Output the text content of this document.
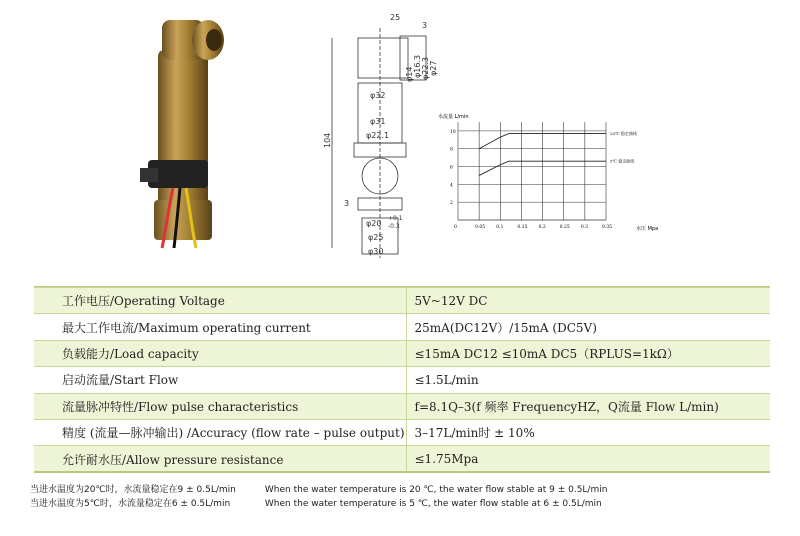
25
3
φ14 φ16.3 φ22.3 φ27
φ32
104
φ31
φ22.1
3
φ20
+0.1
-0.3
φ25
φ30
水流量 L/min
水压 Mpa
0	0.05 0.1	0.15 0.2	0.25 0.3	0.35
2
4
6
8
10	20℃ 稳定曲线
5℃ 稳定曲线
工作电压/Operating Voltage	5V~12V DC
最大工作电流/Maximum operating current	25mA(DC12V）/15mA (DC5V)
负载能力/Load capacity	≤15mA DC12 ≤10mA DC5（RPLUS=1kΩ）
启动流量/Start Flow	≤1.5L/min
流量脉冲特性/Flow pulse characteristics	f=8.1Q–3(f 频率 FrequencyHZ，Q流量 Flow L/min)
精度 (流量—脉冲输出) /Accuracy (flow rate – pulse output)	3–17L/min时 ± 10%
允许耐水压/Allow pressure resistance	≤1.75Mpa
当进水温度为20℃时，水流量稳定在9 ± 0.5L/min	When the water temperature is 20 ℃, the water flow stable at 9 ± 0.5L/min
当进水温度为5℃时，水流量稳定在6 ± 0.5L/min	When the water temperature is 5 ℃, the water flow stable at 6 ± 0.5L/min
